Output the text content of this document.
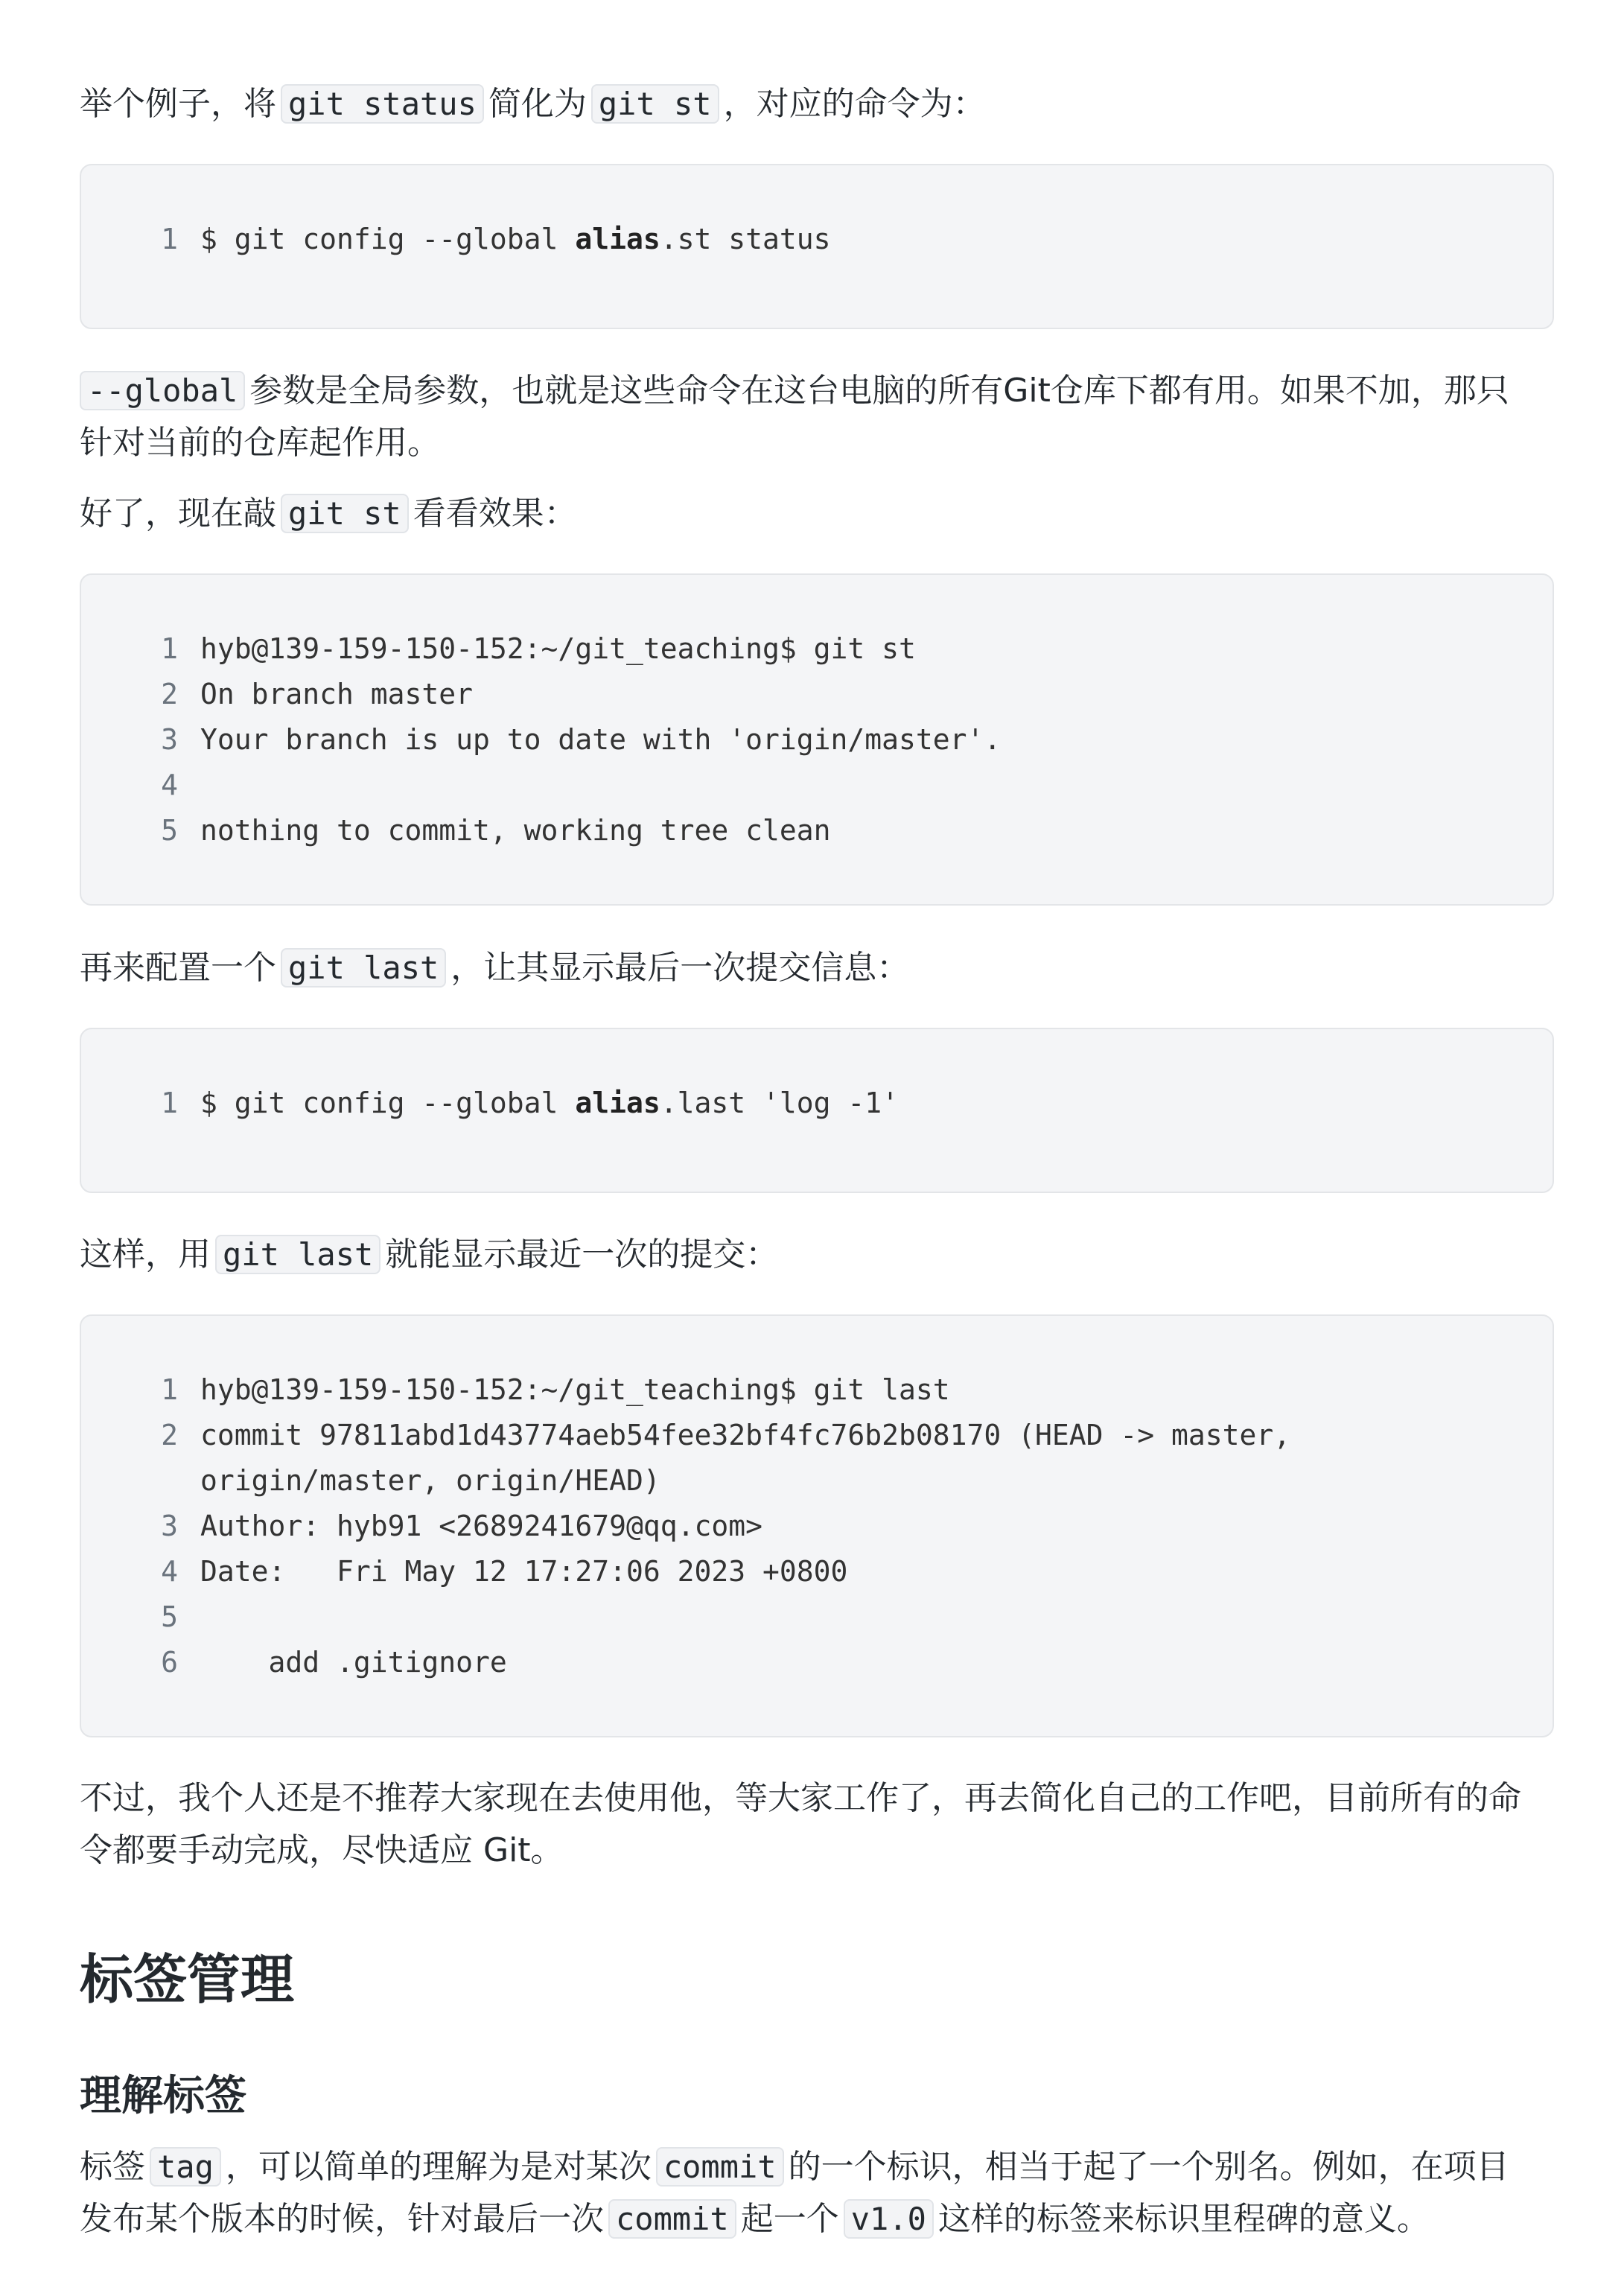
举个例子，将 git status 简化为 git st ，对应的命令为：
1 $ git config --global alias.st status
--global 参数是全局参数，也就是这些命令在这台电脑的所有Git仓库下都有用。如果不加，那只
针对当前的仓库起作用。
好了，现在敲 git st 看看效果：
1 hyb@139-159-150-152:~/git_teaching$ git st
2 On branch master
3 Your branch is up to date with 'origin/master'.
4
5 nothing to commit, working tree clean
再来配置一个 git last ，让其显示最后一次提交信息：
1 $ git config --global alias.last 'log -1'
这样，用 git last 就能显示最近一次的提交：
1 hyb@139-159-150-152:~/git_teaching$ git last
2 commit 97811abd1d43774aeb54fee32bf4fc76b2b08170 (HEAD -> master,
origin/master, origin/HEAD)
3 Author: hyb91 <2689241679@qq.com>
4 Date:   Fri May 12 17:27:06 2023 +0800
5
6    add .gitignore
不过，我个人还是不推荐大家现在去使用他，等大家工作了，再去简化自己的工作吧，目前所有的命
令都要手动完成，尽快适应 Git。
标签管理
理解标签
标签 tag ，可以简单的理解为是对某次 commit 的一个标识，相当于起了一个别名。例如，在项目
发布某个版本的时候，针对最后一次 commit 起一个 v1.0 这样的标签来标识里程碑的意义。
